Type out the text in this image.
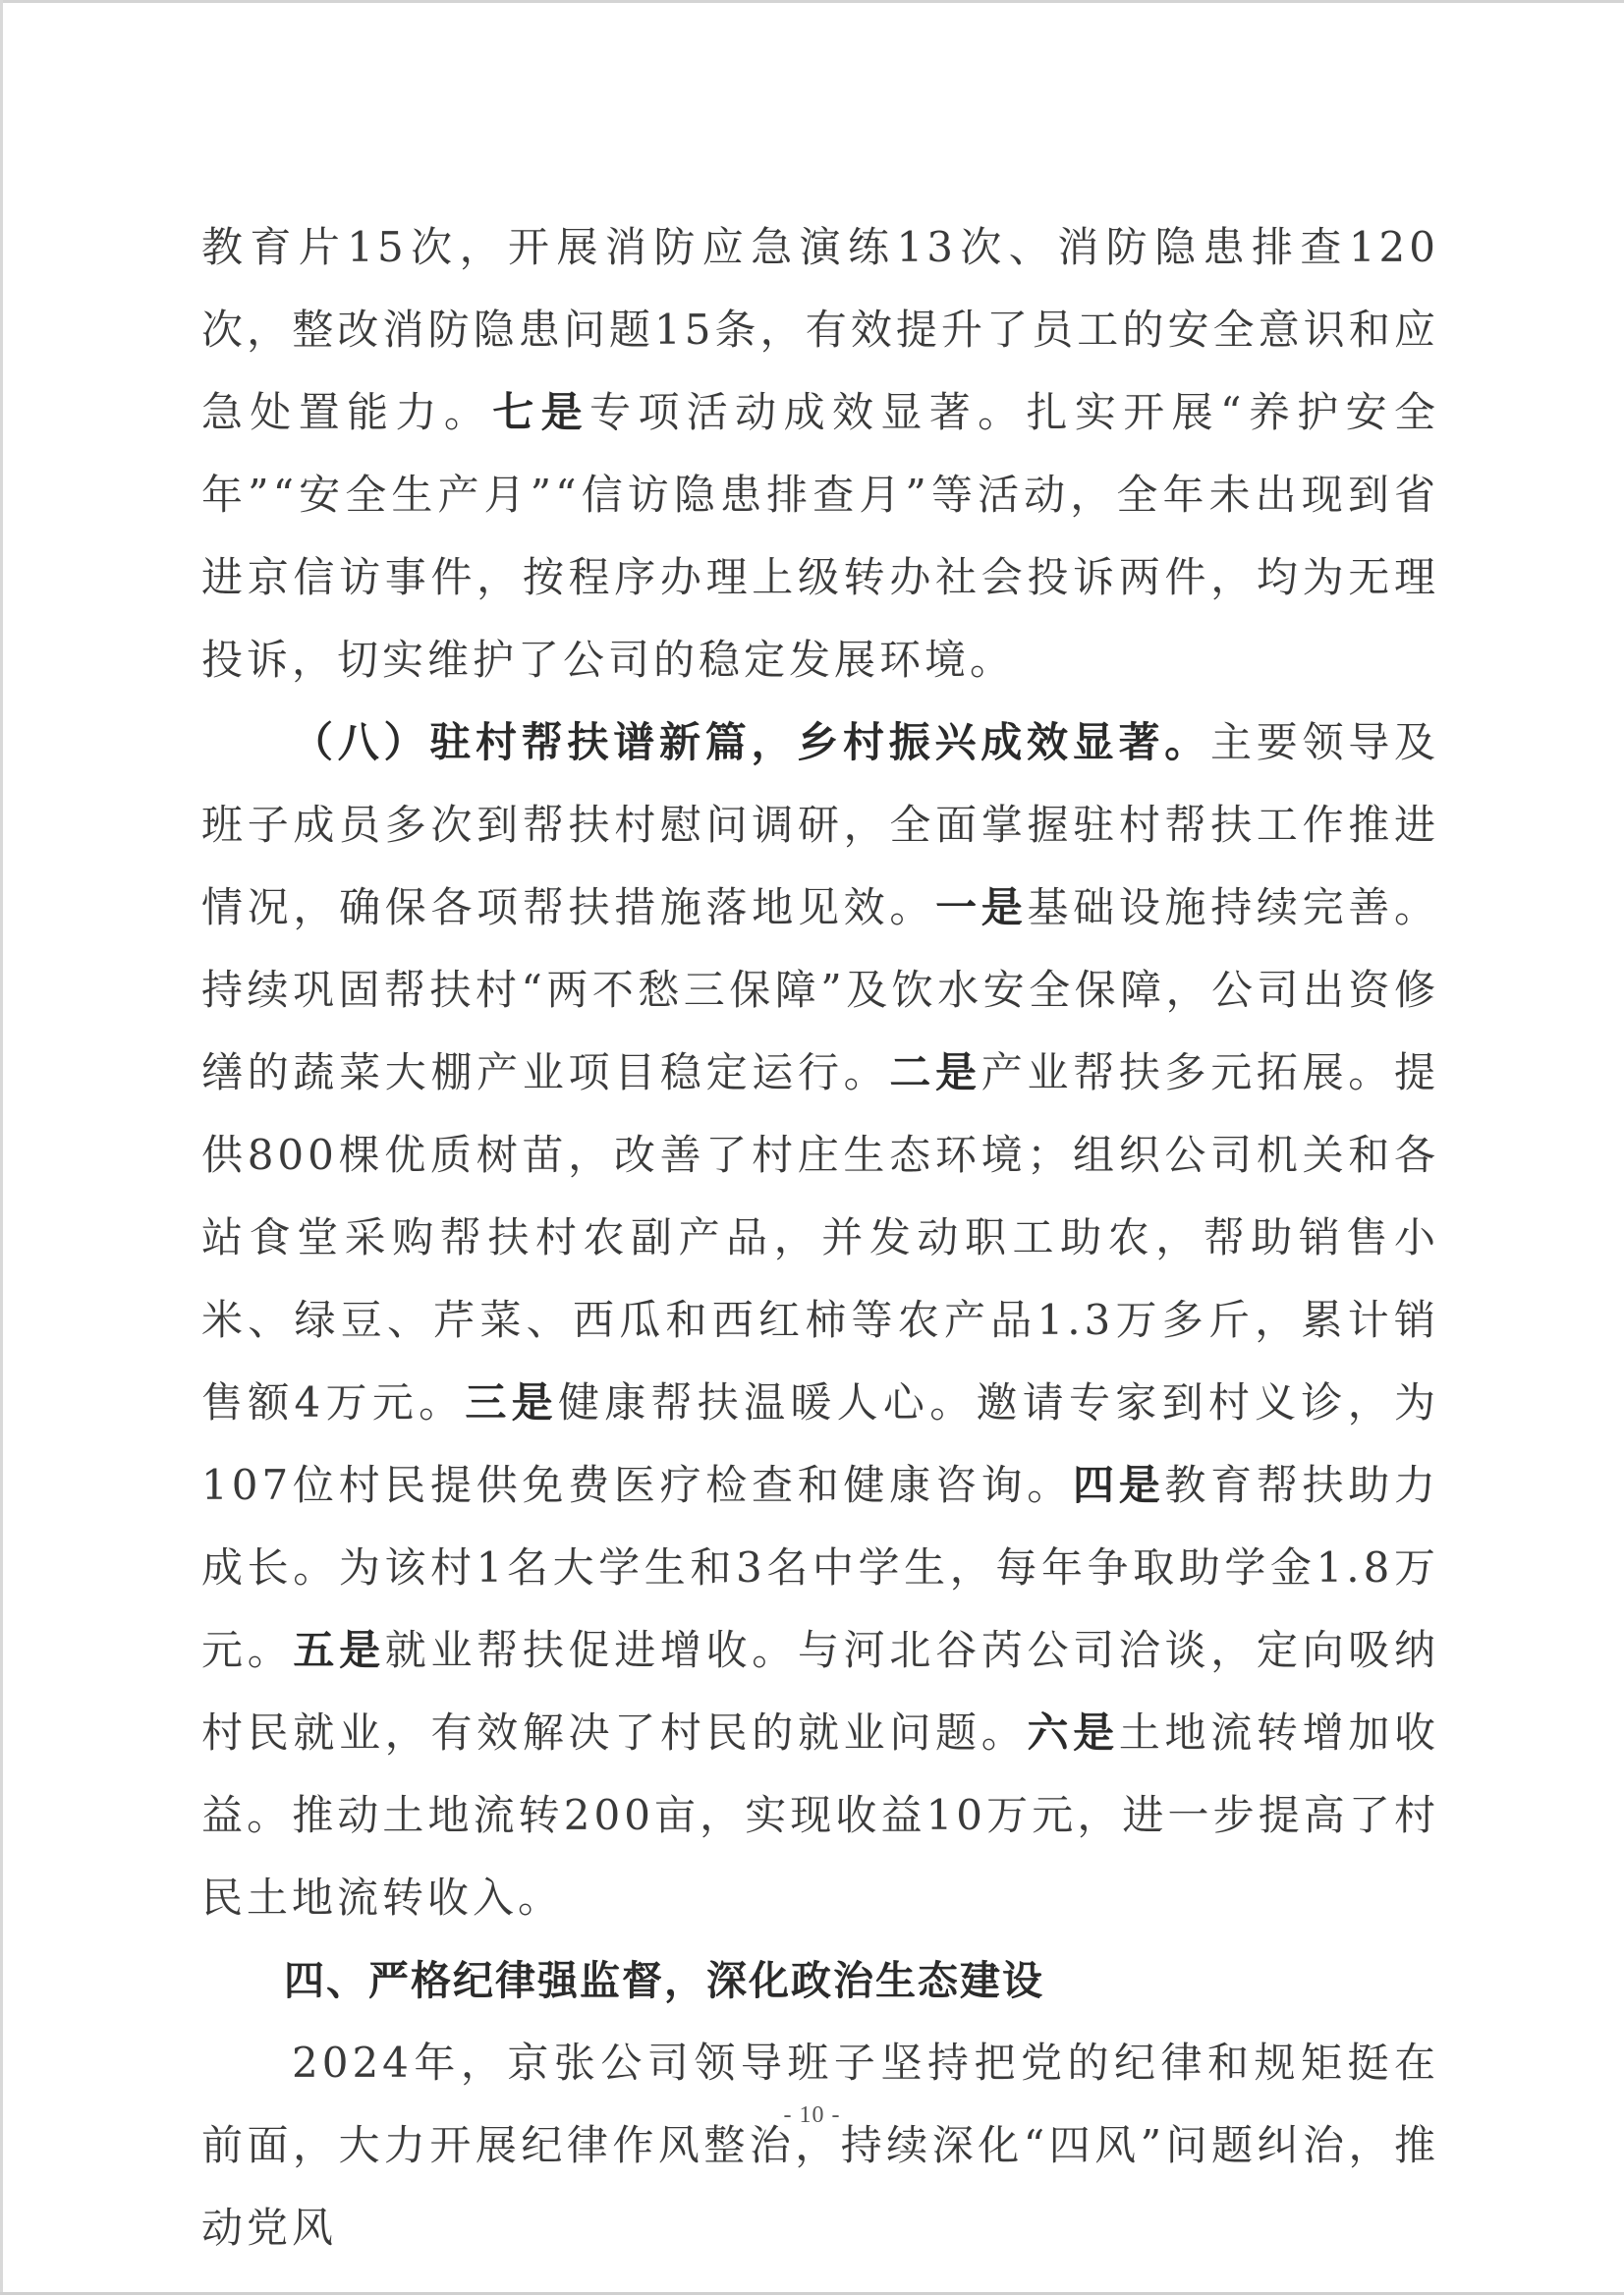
教育片15次，开展消防应急演练13次、消防隐患排查120次，整改消防隐患问题15条，有效提升了员工的安全意识和应急处置能力。七是专项活动成效显著。扎实开展“养护安全年”“安全生产月”“信访隐患排查月”等活动，全年未出现到省进京信访事件，按程序办理上级转办社会投诉两件，均为无理投诉，切实维护了公司的稳定发展环境。

（八）驻村帮扶谱新篇，乡村振兴成效显著。主要领导及班子成员多次到帮扶村慰问调研，全面掌握驻村帮扶工作推进情况，确保各项帮扶措施落地见效。一是基础设施持续完善。持续巩固帮扶村“两不愁三保障”及饮水安全保障，公司出资修缮的蔬菜大棚产业项目稳定运行。二是产业帮扶多元拓展。提供800棵优质树苗，改善了村庄生态环境；组织公司机关和各站食堂采购帮扶村农副产品，并发动职工助农，帮助销售小米、绿豆、芹菜、西瓜和西红柿等农产品1.3万多斤，累计销售额4万元。三是健康帮扶温暖人心。邀请专家到村义诊，为107位村民提供免费医疗检查和健康咨询。四是教育帮扶助力成长。为该村1名大学生和3名中学生，每年争取助学金1.8万元。五是就业帮扶促进增收。与河北谷芮公司洽谈，定向吸纳村民就业，有效解决了村民的就业问题。六是土地流转增加收益。推动土地流转200亩，实现收益10万元，进一步提高了村民土地流转收入。

四、严格纪律强监督，深化政治生态建设

2024年，京张公司领导班子坚持把党的纪律和规矩挺在前面，大力开展纪律作风整治，持续深化“四风”问题纠治，推动党风

- 10 -
